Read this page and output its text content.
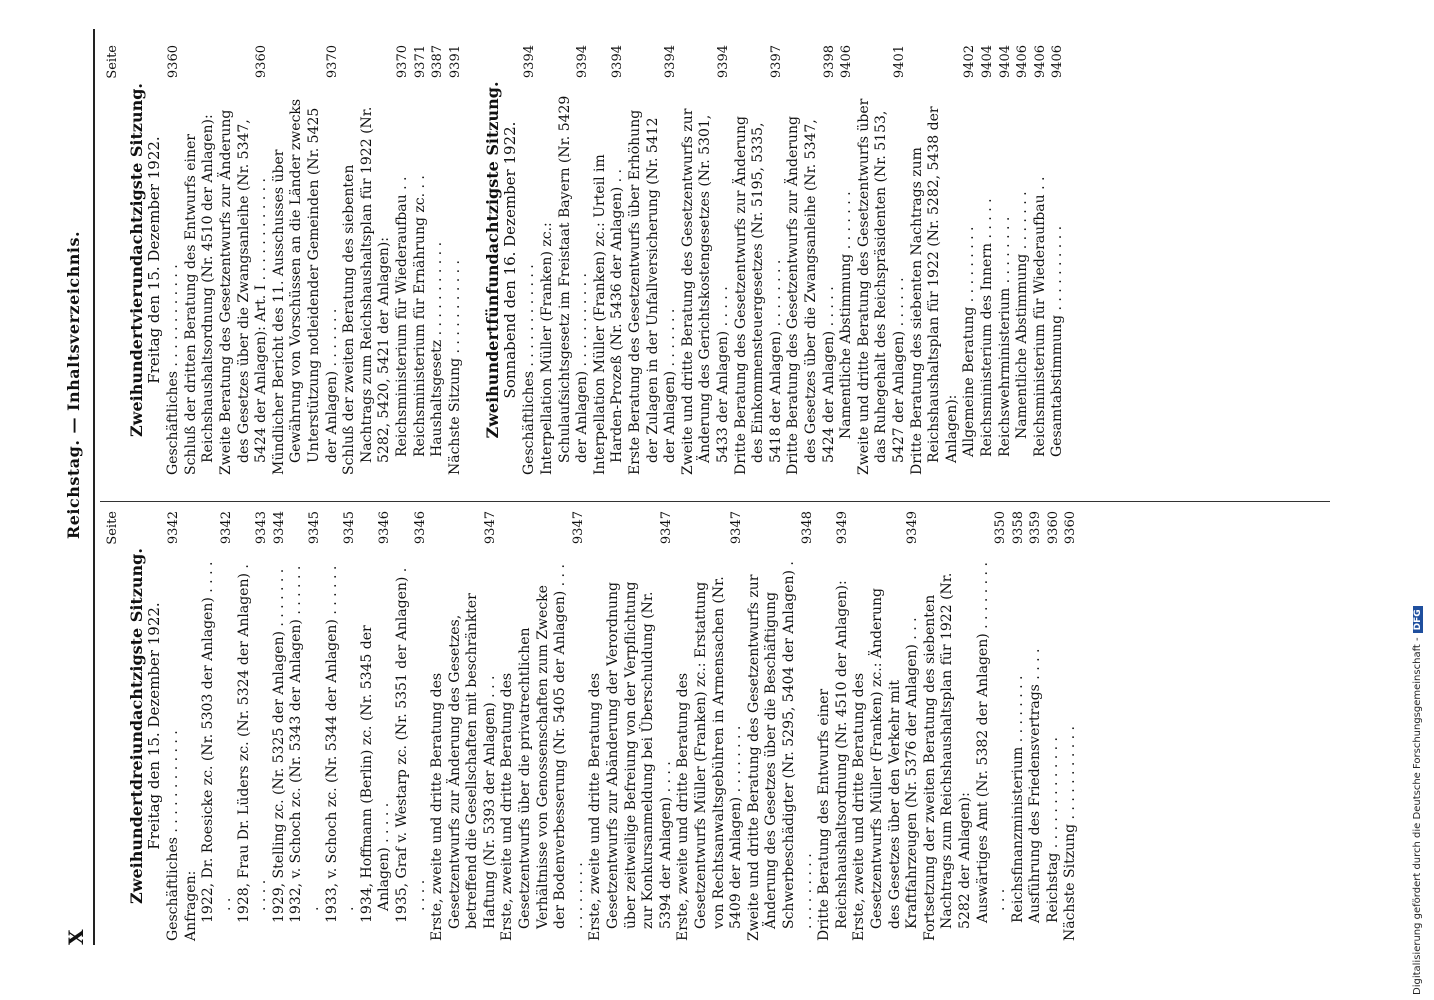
X
Reichstag. — Inhaltsverzeichnis. Seite
Zweihundertdreiundachtzigste Sitzung.
Freitag den 15. Dezember 1922. Geschäftliches . . . . . . . . . . . .
9342
Anfragen: 1922, Dr. Roesicke zc. (Nr. 5303 der Anlagen) . . . . . .
9342
1928, Frau Dr. Lüders zc. (Nr. 5324 der Anlagen) . . . . .
9343
1929, Stelling zc. (Nr. 5325 der Anlagen) . . . . . . .
9344
1932, v. Schoch zc. (Nr. 5343 der Anlagen) . . . . . . .
9345
1933, v. Schoch zc. (Nr. 5344 der Anlagen) . . . . . . .
9345
1934, Hoffmann (Berlin) zc. (Nr. 5345 der Anlagen) . . . . .
9346
1935, Graf v. Westarp zc. (Nr. 5351 der Anlagen) . . . . .
9346
Erste, zweite und dritte Beratung des Gesetzentwurfs zur Änderung des Gesetzes, betreffend die Gesellschaften mit beschränkter Haftung (Nr. 5393 der Anlagen) . . .
9347
Erste, zweite und dritte Beratung des Gesetzentwurfs über die privatrechtlichen Verhältnisse von Genossenschaften zum Zwecke der Bodenverbesserung (Nr. 5405 der Anlagen) . . . . . . . . . . .
9347
Erste, zweite und dritte Beratung des Gesetzentwurfs zur Abänderung der Verordnung über zeitweilige Befreiung von der Verpflichtung zur Konkursanmeldung bei Überschuldung (Nr. 5394 der Anlagen) . . . .
9347
Erste, zweite und dritte Beratung des Gesetzentwurfs Müller (Franken) zc.: Erstattung von Rechtsanwaltsgebühren in Armensachen (Nr. 5409 der Anlagen) . . . . . . . .
9347
Zweite und dritte Beratung des Gesetzentwurfs zur Änderung des Gesetzes über die Beschäftigung Schwerbeschädigter (Nr. 5295, 5404 der Anlagen) . . . . . . . . . .
9348
Dritte Beratung des Entwurfs einer Reichshaushaltsordnung (Nr. 4510 der Anlagen):
9349
Erste, zweite und dritte Beratung des Gesetzentwurfs Müller (Franken) zc.: Änderung des Gesetzes über den Verkehr mit Kraftfahrzeugen (Nr. 5376 der Anlagen) . . .
9349
Fortsetzung der zweiten Beratung des siebenten Nachtrags zum Reichshaushaltsplan für 1922 (Nr. 5282 der Anlagen): Auswärtiges Amt (Nr. 5382 der Anlagen) . . . . . . . . . . .
9350
Reichsfinanzministerium . . . . . . . .
9358
Ausführung des Friedensvertrags . . . .
9359
Reichstag . . . . . . . . . . . . .
9360
Nächste Sitzung . . . . . . . . . . .
9360
Seite
Zweihundertvierundachtzigste Sitzung.
Freitag den 15. Dezember 1922. Geschäftliches . . . . . . . . . . . .
9360
Schluß der dritten Beratung des Entwurfs einer Reichshaushaltsordnung (Nr. 4510 der Anlagen): Zweite Beratung des Gesetzentwurfs zur Änderung des Gesetzes über die Zwangsanleihe (Nr. 5347, 5424 der Anlagen): Art. I . . . . . . . . . . . .
9360
Mündlicher Bericht des 11. Ausschusses über Gewährung von Vorschüssen an die Länder zwecks Unterstützung notleidender Gemeinden (Nr. 5425 der Anlagen) . . . . . . .
9370
Schluß der zweiten Beratung des siebenten Nachtrags zum Reichshaushaltsplan für 1922 (Nr. 5282, 5420, 5421 der Anlagen): Reichsministerium für Wiederaufbau . .
9370
Reichsministerium für Ernährung zc. . .
9371
Haushaltsgesetz . . . . . . . . . . .
9387
Nächste Sitzung . . . . . . . . . . .
9391
Zweihundertfünfundachtzigste Sitzung.
Sonnabend den 16. Dezember 1922. Geschäftliches . . . . . . . . . . . .
9394
Interpellation Müller (Franken) zc.: Schulaufsichtsgesetz im Freistaat Bayern (Nr. 5429 der Anlagen) . . . . . . . . . . .
9394
Interpellation Müller (Franken) zc.: Urteil im Harden-Prozeß (Nr. 5436 der Anlagen) . .
9394
Erste Beratung des Gesetzentwurfs über Erhöhung der Zulagen in der Unfallversicherung (Nr. 5412 der Anlagen) . . . . . . .
9394
Zweite und dritte Beratung des Gesetzentwurfs zur Änderung des Gerichtskostengesetzes (Nr. 5301, 5433 der Anlagen) . . . . .
9394
Dritte Beratung des Gesetzentwurfs zur Änderung des Einkommensteuergesetzes (Nr. 5195, 5335, 5418 der Anlagen) . . . . . . . .
9397
Dritte Beratung des Gesetzentwurfs zur Änderung des Gesetzes über die Zwangsanleihe (Nr. 5347, 5424 der Anlagen) . . . . .
9398
Namentliche Abstimmung . . . . . . .
9406
Zweite und dritte Beratung des Gesetzentwurfs über das Ruhegehalt des Reichspräsidenten (Nr. 5153, 5427 der Anlagen) . . . . . .
9401
Dritte Beratung des siebenten Nachtrags zum Reichshaushaltsplan für 1922 (Nr. 5282, 5438 der Anlagen): Allgemeine Beratung . . . . . . . . .
9402
Reichsministerium des Innern . . . . .
9404
Reichswehrministerium . . . . . . . .
9404
Namentliche Abstimmung . . . . . . .
9406
Reichsministerium für Wiederaufbau . .
9406
Gesamtabstimmung . . . . . . . . . .
9406
Digitalisierung gefördert durch die Deutsche Forschungsgemeinschaft -DFG
